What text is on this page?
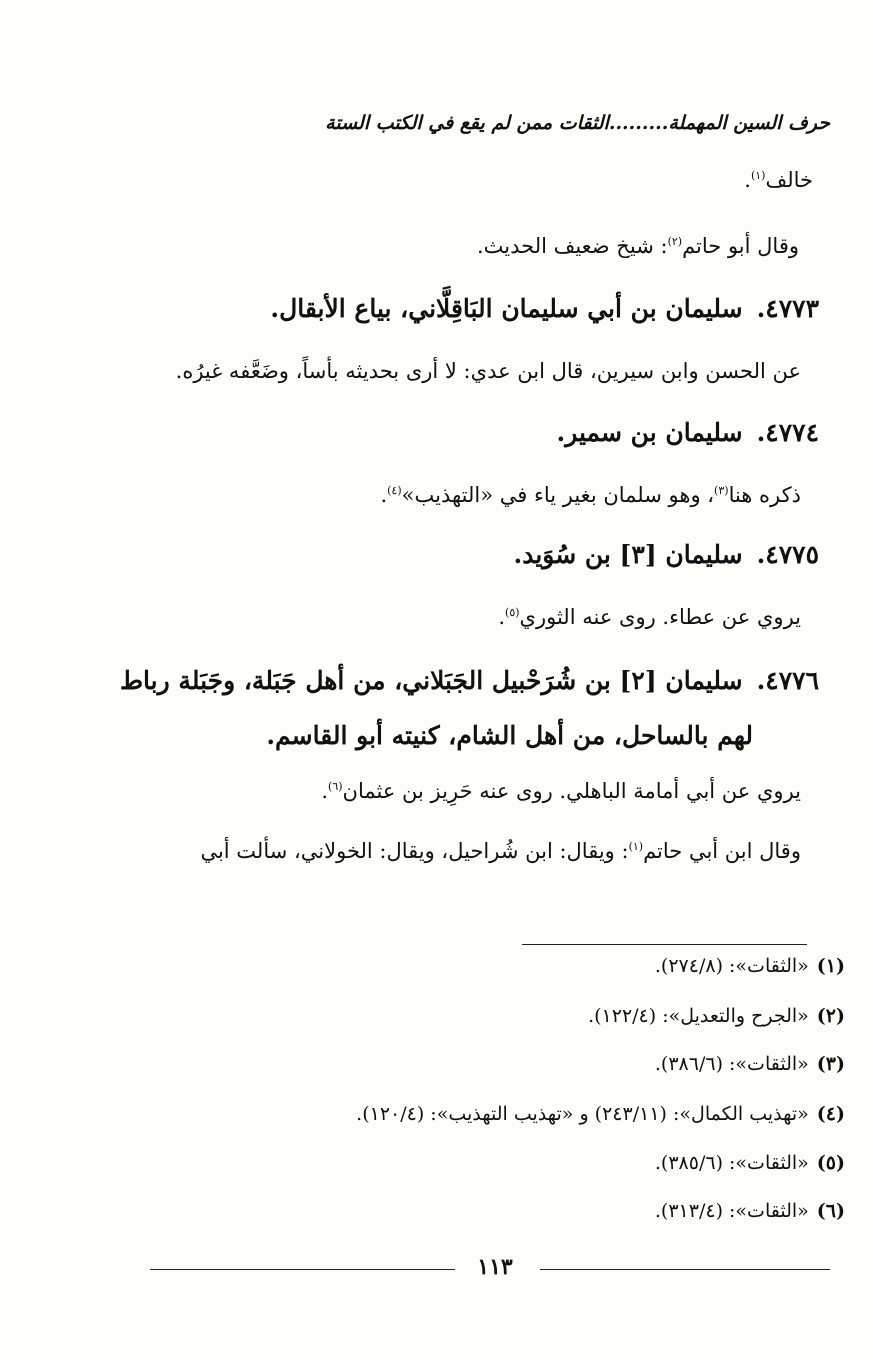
حرف السين المهملة.........الثقات ممن لم يقع في الكتب الستة
خالف$^{(١)}$.
وقال أبو حاتم$^{(٢)}$: شيخ ضعيف الحديث.
٤٧٧٣.سليمان بن أبي سليمان البَاقِلَّاني، بياع الأبقال.
عن الحسن وابن سيرين، قال ابن عدي: لا أرى بحديثه بأساً، وضَعَّفه غيرُه.
٤٧٧٤.سليمان بن سمير.
ذكره هنا$^{(٣)}$، وهو سلمان بغير ياء في «التهذيب»$^{(٤)}$.
٤٧٧٥.سليمان [٣] بن سُوَيد.
يروي عن عطاء. روى عنه الثوري$^{(٥)}$.
٤٧٧٦.سليمان [٢] بن شُرَحْبيل الجَبَلاني، من أهل جَبَلة، وجَبَلة رباط
لهم بالساحل، من أهل الشام، كنيته أبو القاسم.
يروي عن أبي أمامة الباهلي. روى عنه حَرِيز بن عثمان$^{(٦)}$.
وقال ابن أبي حاتم$^{(١)}$: ويقال: ابن شُراحيل، ويقال: الخولاني، سألت أبي
(١)«الثقات»: (٢٧٤/٨).
(٢)«الجرح والتعديل»: (١٢٢/٤).
(٣)«الثقات»: (٣٨٦/٦).
(٤)«تهذيب الكمال»: (٢٤٣/١١) و «تهذيب التهذيب»: (١٢٠/٤).
(٥)«الثقات»: (٣٨٥/٦).
(٦)«الثقات»: (٣١٣/٤).
١١٣
